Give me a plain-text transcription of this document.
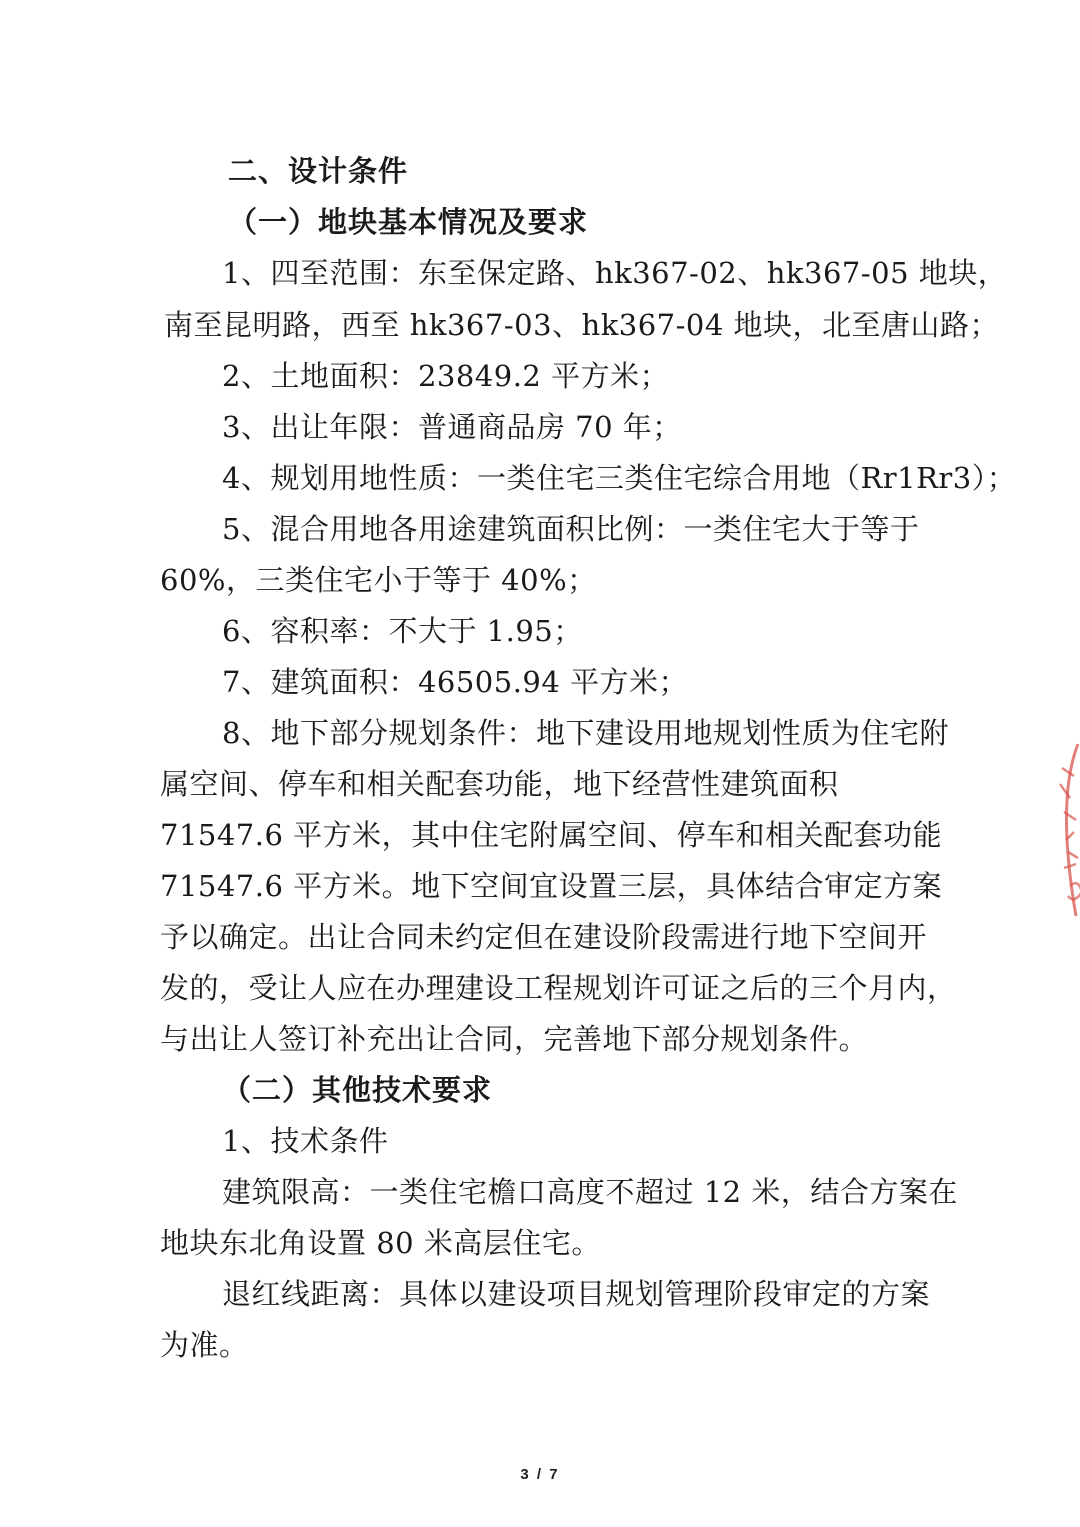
二、设计条件
（一）地块基本情况及要求
1、四至范围：东至保定路、hk367-02、hk367-05 地块，
南至昆明路，西至 hk367-03、hk367-04 地块，北至唐山路；
2、土地面积：23849.2 平方米；
3、出让年限：普通商品房 70 年；
4、规划用地性质：一类住宅三类住宅综合用地（Rr1Rr3）；
5、混合用地各用途建筑面积比例：一类住宅大于等于
60%，三类住宅小于等于 40%；
6、容积率：不大于 1.95；
7、建筑面积：46505.94 平方米；
8、地下部分规划条件：地下建设用地规划性质为住宅附
属空间、停车和相关配套功能，地下经营性建筑面积
71547.6 平方米，其中住宅附属空间、停车和相关配套功能
71547.6 平方米。地下空间宜设置三层，具体结合审定方案
予以确定。出让合同未约定但在建设阶段需进行地下空间开
发的，受让人应在办理建设工程规划许可证之后的三个月内，
与出让人签订补充出让合同，完善地下部分规划条件。
（二）其他技术要求
1、技术条件
建筑限高：一类住宅檐口高度不超过 12 米，结合方案在
地块东北角设置 80 米高层住宅。
退红线距离：具体以建设项目规划管理阶段审定的方案
为准。
3 / 7
